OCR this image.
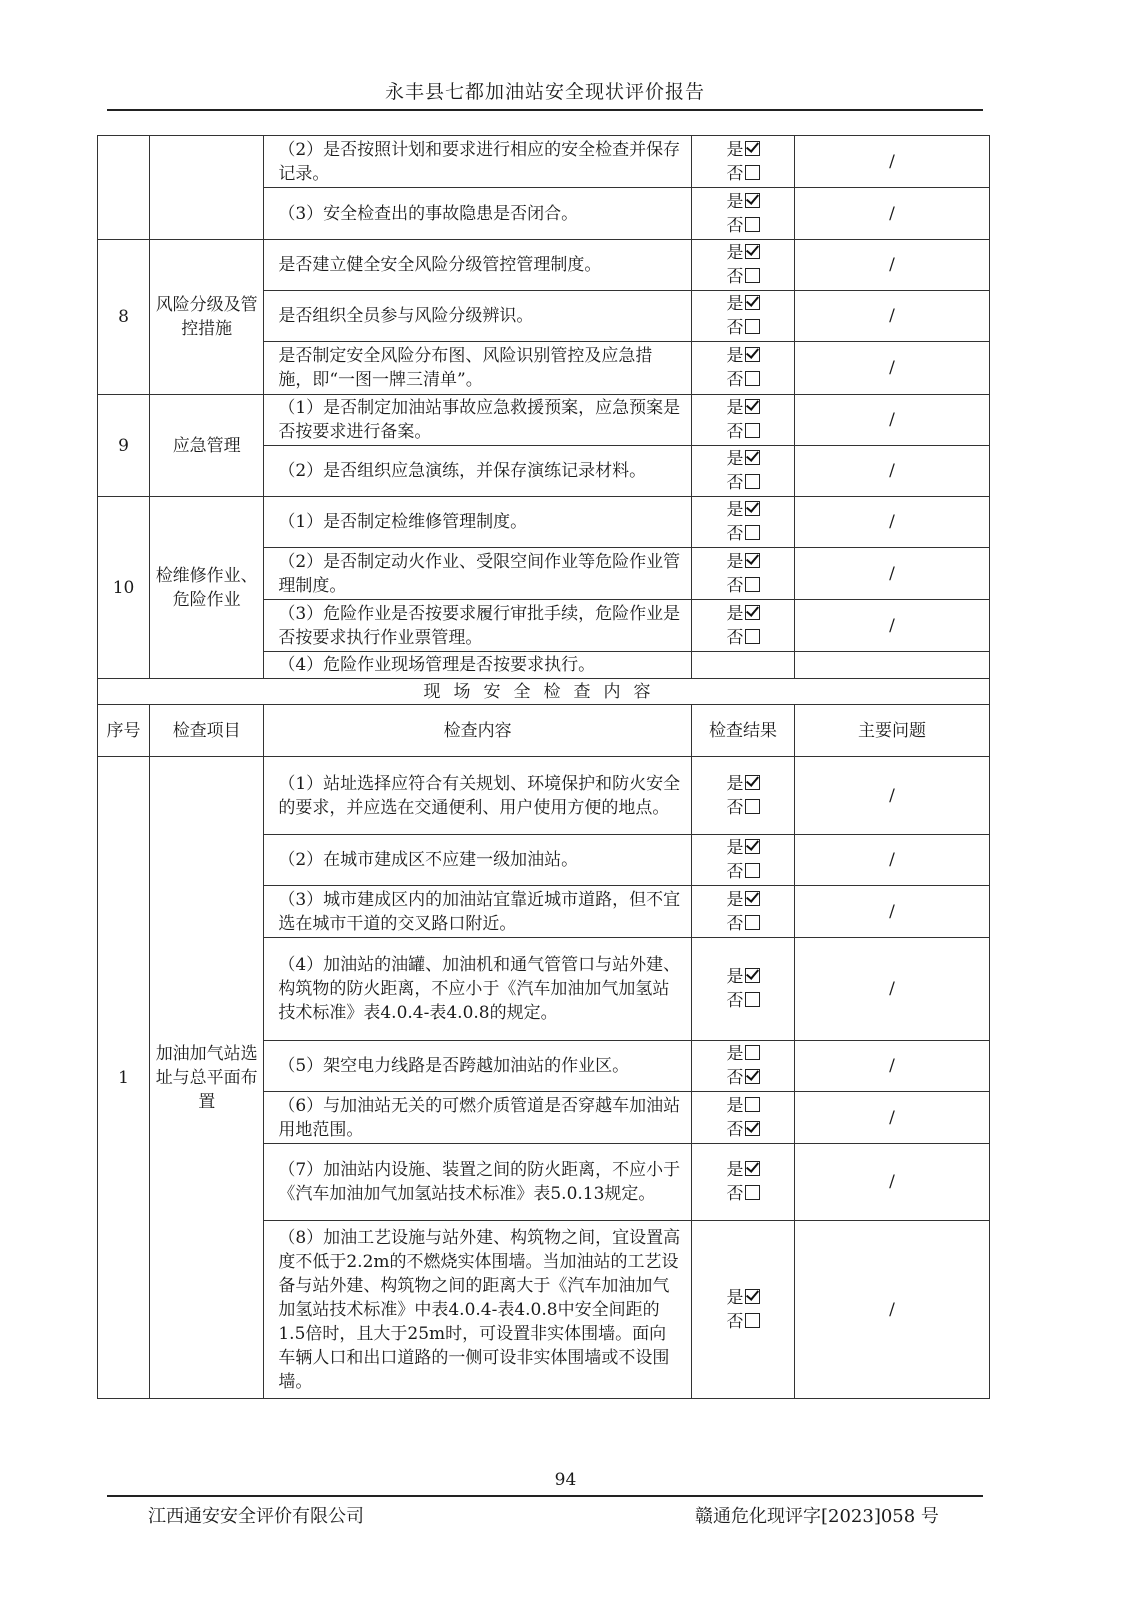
永丰县七都加油站安全现状评价报告
		（2）是否按照计划和要求进行相应的安全检查并保存记录。	是
否	/
		（3）安全检查出的事故隐患是否闭合。	是
否	/
8	风险分级及管控措施	是否建立健全安全风险分级管控管理制度。	是
否	/
		是否组织全员参与风险分级辨识。	是
否	/
		是否制定安全风险分布图、风险识别管控及应急措施，即“一图一牌三清单”。	是
否	/
9	应急管理	（1）是否制定加油站事故应急救援预案，应急预案是否按要求进行备案。	是
否	/
		（2）是否组织应急演练，并保存演练记录材料。	是
否	/
10	检维修作业、危险作业	（1）是否制定检维修管理制度。	是
否	/
		（2）是否制定动火作业、受限空间作业等危险作业管理制度。	是
否	/
		（3）危险作业是否按要求履行审批手续，危险作业是否按要求执行作业票管理。	是
否	/
		（4）危险作业现场管理是否按要求执行。		
现场安全检查内容				
序号	检查项目	检查内容	检查结果	主要问题
1	加油加气站选址与总平面布置	（1）站址选择应符合有关规划、环境保护和防火安全的要求，并应选在交通便利、用户使用方便的地点。	是
否	/
		（2）在城市建成区不应建一级加油站。	是
否	/
		（3）城市建成区内的加油站宜靠近城市道路，但不宜选在城市干道的交叉路口附近。	是
否	/
		（4）加油站的油罐、加油机和通气管管口与站外建、构筑物的防火距离，不应小于《汽车加油加气加氢站技术标准》表4.0.4-表4.0.8的规定。	是
否	/
		（5）架空电力线路是否跨越加油站的作业区。	是
否	/
		（6）与加油站无关的可燃介质管道是否穿越车加油站用地范围。	是
否	/
		（7）加油站内设施、装置之间的防火距离，不应小于《汽车加油加气加氢站技术标准》表5.0.13规定。	是
否	/
		（8）加油工艺设施与站外建、构筑物之间，宜设置高度不低于2.2m的不燃烧实体围墙。当加油站的工艺设备与站外建、构筑物之间的距离大于《汽车加油加气加氢站技术标准》中表4.0.4-表4.0.8中安全间距的1.5倍时，且大于25m时，可设置非实体围墙。面向车辆人口和出口道路的一侧可设非实体围墙或不设围墙。	是
否	/
94
江西通安安全评价有限公司	赣通危化现评字[2023]058 号
